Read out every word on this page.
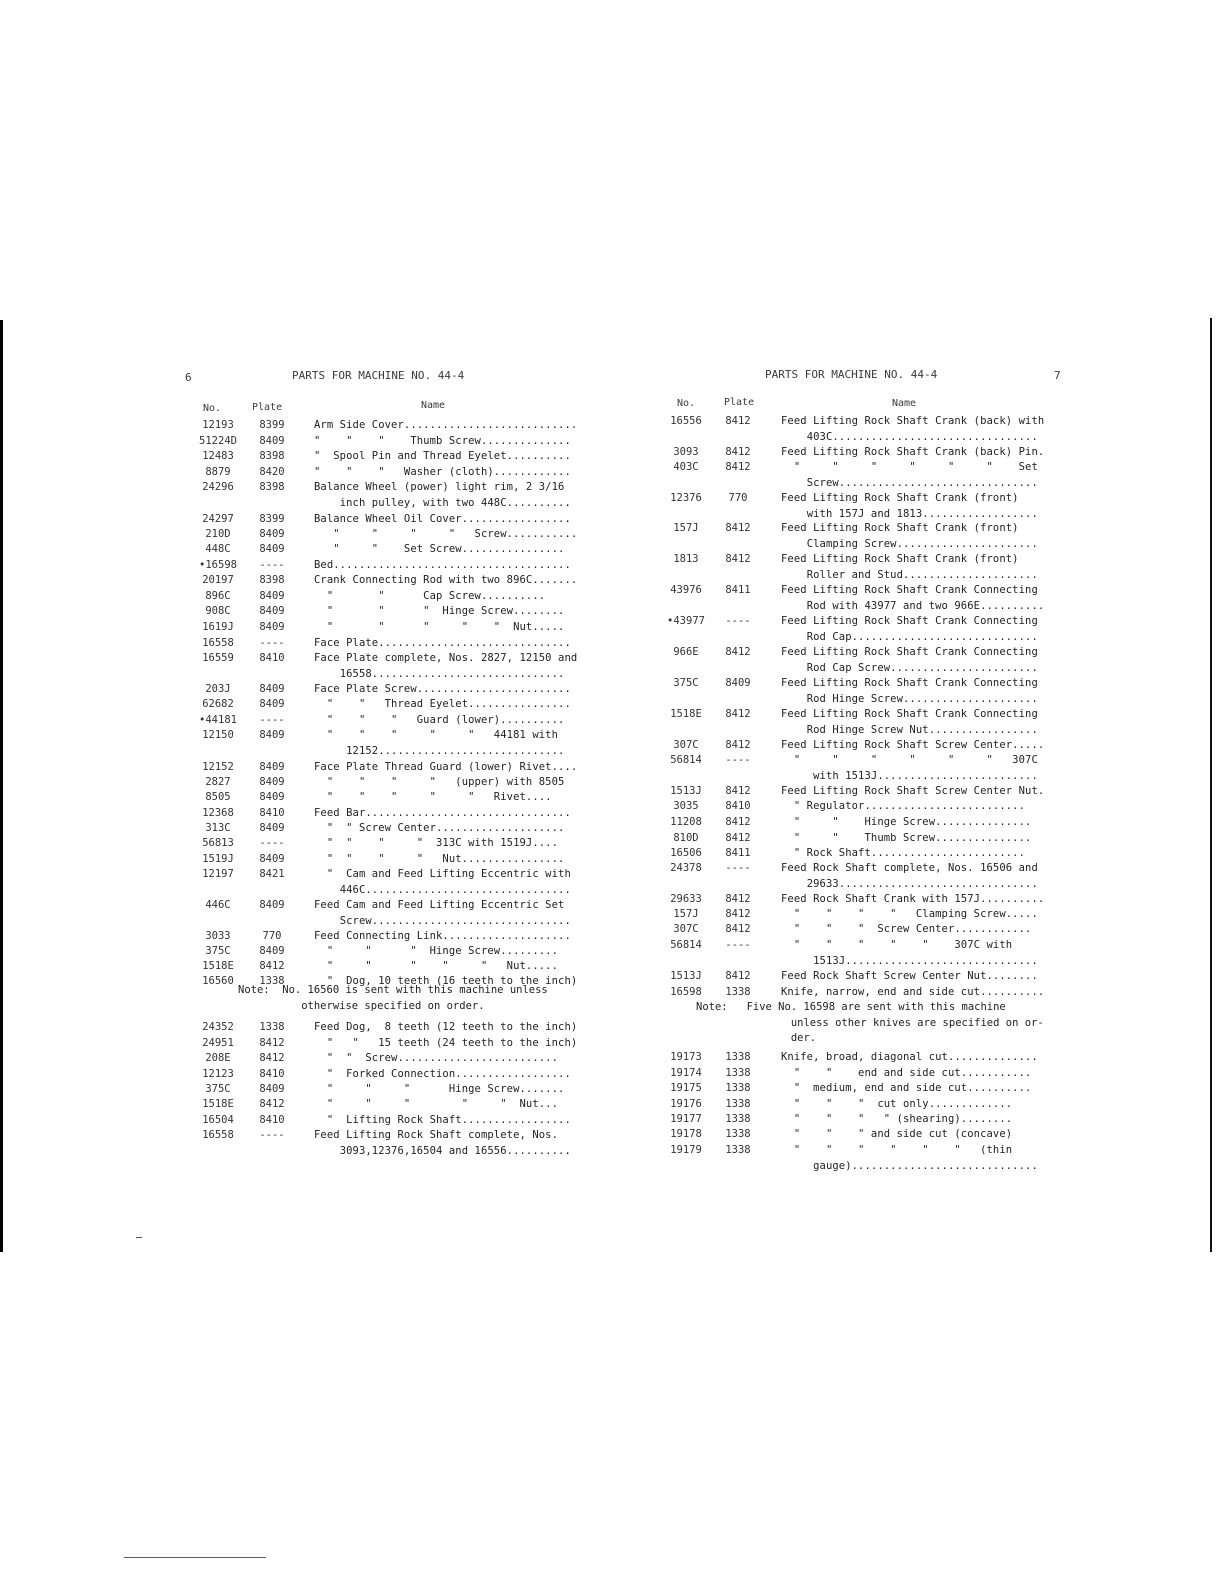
6	PARTS FOR MACHINE NO. 44-4
No.	Plate	Name
12193	8399	Arm Side Cover...........................
51224D	8409	"    "    "    Thumb Screw..............
12483	8398	"  Spool Pin and Thread Eyelet..........
8879	8420	"    "    "   Washer (cloth)............
24296	8398	Balance Wheel (power) light rim, 2 3/16
inch pulley, with two 448C..........
24297	8399	Balance Wheel Oil Cover.................
210D	8409	"     "     "     "   Screw...........
448C	8409	"     "    Set Screw................
•16598	----	Bed.....................................
20197	8398	Crank Connecting Rod with two 896C.......
896C	8409	"       "      Cap Screw..........
908C	8409	"       "      "  Hinge Screw........
1619J	8409	"       "      "     "    "  Nut.....
16558	----	Face Plate..............................
16559	8410	Face Plate complete, Nos. 2827, 12150 and
16558..............................
203J	8409	Face Plate Screw........................
62682	8409	"    "   Thread Eyelet................
•44181	----	"    "    "   Guard (lower)..........
12150	8409	"    "    "     "     "   44181 with
12152.............................
12152	8409	Face Plate Thread Guard (lower) Rivet....
2827	8409	"    "    "     "   (upper) with 8505
8505	8409	"    "    "     "     "   Rivet....
12368	8410	Feed Bar................................
313C	8409	"  " Screw Center....................
56813	----	"  "    "     "  313C with 1519J....
1519J	8409	"  "    "     "   Nut................
12197	8421	"  Cam and Feed Lifting Eccentric with
446C................................
446C	8409	Feed Cam and Feed Lifting Eccentric Set
Screw...............................
3033	770	Feed Connecting Link....................
375C	8409	"     "      "  Hinge Screw.........
1518E	8412	"     "      "    "     "   Nut.....
16560	1338	"  Dog, 10 teeth (16 teeth to the inch)
24352	1338	Feed Dog,  8 teeth (12 teeth to the inch)
24951	8412	"   "   15 teeth (24 teeth to the inch)
208E	8412	"  "  Screw.........................
12123	8410	"  Forked Connection..................
375C	8409	"     "     "      Hinge Screw.......
1518E	8412	"     "     "        "     "  Nut...
16504	8410	"  Lifting Rock Shaft.................
16558	----	Feed Lifting Rock Shaft complete, Nos.
3093,12376,16504 and 16556..........
Note:  No. 16560 is sent with this machine unless
otherwise specified on order.
PARTS FOR MACHINE NO. 44-4	7
No.	Plate	Name
16556	8412	Feed Lifting Rock Shaft Crank (back) with
403C................................
3093	8412	Feed Lifting Rock Shaft Crank (back) Pin.
403C	8412	"     "     "     "     "     "    Set
Screw...............................
12376	770	Feed Lifting Rock Shaft Crank (front)
with 157J and 1813..................
157J	8412	Feed Lifting Rock Shaft Crank (front)
Clamping Screw......................
1813	8412	Feed Lifting Rock Shaft Crank (front)
Roller and Stud.....................
43976	8411	Feed Lifting Rock Shaft Crank Connecting
Rod with 43977 and two 966E..........
•43977	----	Feed Lifting Rock Shaft Crank Connecting
Rod Cap.............................
966E	8412	Feed Lifting Rock Shaft Crank Connecting
Rod Cap Screw.......................
375C	8409	Feed Lifting Rock Shaft Crank Connecting
Rod Hinge Screw.....................
1518E	8412	Feed Lifting Rock Shaft Crank Connecting
Rod Hinge Screw Nut.................
307C	8412	Feed Lifting Rock Shaft Screw Center.....
56814	----	"     "     "     "     "     "   307C
with 1513J.........................
1513J	8412	Feed Lifting Rock Shaft Screw Center Nut.
3035	8410	" Regulator.........................
11208	8412	"     "    Hinge Screw...............
810D	8412	"     "    Thumb Screw...............
16506	8411	" Rock Shaft........................
24378	----	Feed Rock Shaft complete, Nos. 16506 and
29633...............................
29633	8412	Feed Rock Shaft Crank with 157J..........
157J	8412	"    "    "    "   Clamping Screw.....
307C	8412	"    "    "  Screw Center............
56814	----	"    "    "    "    "    307C with
1513J..............................
1513J	8412	Feed Rock Shaft Screw Center Nut........
16598	1338	Knife, narrow, end and side cut..........
19173	1338	Knife, broad, diagonal cut..............
19174	1338	"    "    end and side cut...........
19175	1338	"  medium, end and side cut..........
19176	1338	"    "    "  cut only.............
19177	1338	"    "    "   " (shearing)........
19178	1338	"    "    " and side cut (concave)
19179	1338	"    "    "    "    "    "   (thin
gauge).............................
Note:   Five No. 16598 are sent with this machine
unless other knives are specified on or-
der.
